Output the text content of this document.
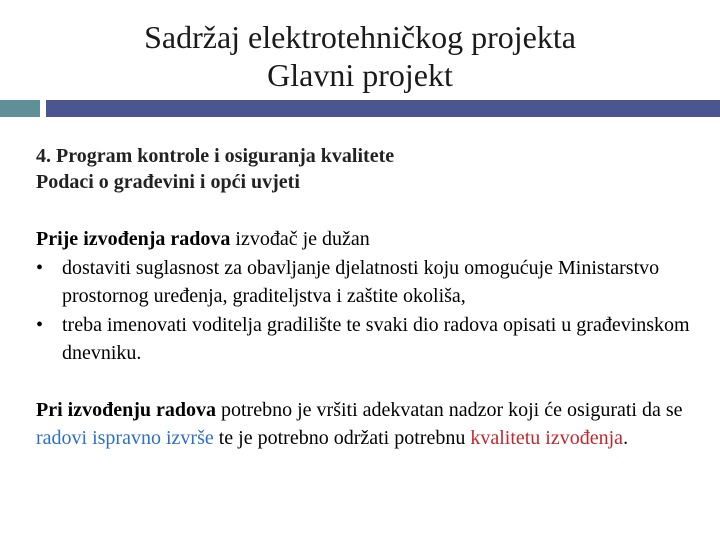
Sadržaj elektrotehničkog projekta
Glavni projekt
4. Program kontrole i osiguranja kvalitete
Podaci o građevini i opći uvjeti

Prije izvođenja radova izvođač je dužan

• dostaviti suglasnost za obavljanje djelatnosti koju omogućuje Ministarstvo prostornog uređenja, graditeljstva i zaštite okoliša,
• treba imenovati voditelja gradilište te svaki dio radova opisati u građevinskom dnevniku.

Pri izvođenju radova potrebno je vršiti adekvatan nadzor koji će osigurati da se radovi ispravno izvrše te je potrebno održati potrebnu kvalitetu izvođenja.
